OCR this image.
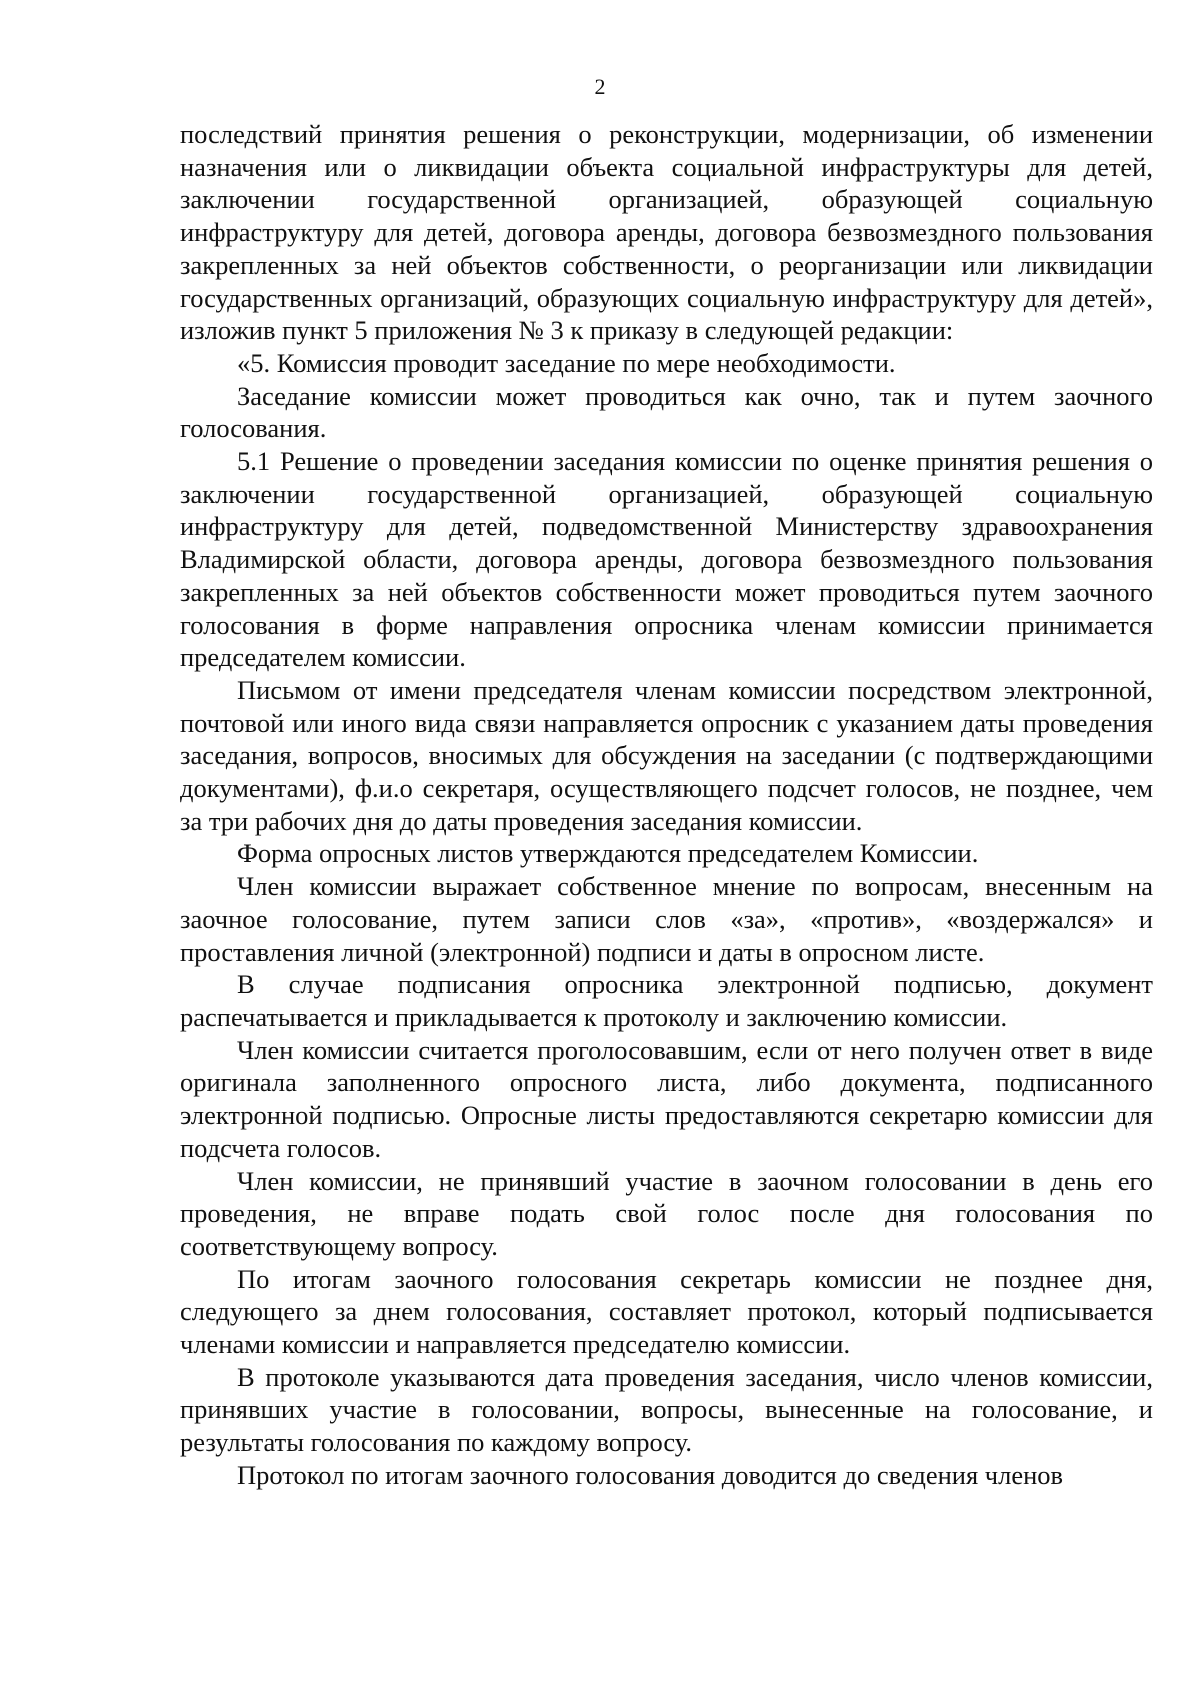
2

последствий принятия решения о реконструкции, модернизации, об изменении назначения или о ликвидации объекта социальной инфраструктуры для детей, заключении государственной организацией, образующей социальную инфраструктуру для детей, договора аренды, договора безвозмездного пользования закрепленных за ней объектов собственности, о реорганизации или ликвидации государственных организаций, образующих социальную инфраструктуру для детей», изложив пункт 5 приложения № 3 к приказу в следующей редакции:

«5. Комиссия проводит заседание по мере необходимости.

Заседание комиссии может проводиться как очно, так и путем заочного голосования.

5.1 Решение о проведении заседания комиссии по оценке принятия решения о заключении государственной организацией, образующей социальную инфраструктуру для детей, подведомственной Министерству здравоохранения Владимирской области, договора аренды, договора безвозмездного пользования закрепленных за ней объектов собственности может проводиться путем заочного голосования в форме направления опросника членам комиссии принимается председателем комиссии.

Письмом от имени председателя членам комиссии посредством электронной, почтовой или иного вида связи направляется опросник с указанием даты проведения заседания, вопросов, вносимых для обсуждения на заседании (с подтверждающими документами), ф.и.о секретаря, осуществляющего подсчет голосов, не позднее, чем за три рабочих дня до даты проведения заседания комиссии.

Форма опросных листов утверждаются председателем Комиссии.

Член комиссии выражает собственное мнение по вопросам, внесенным на заочное голосование, путем записи слов «за», «против», «воздержался» и проставления личной (электронной) подписи и даты в опросном листе.

В случае подписания опросника электронной подписью, документ распечатывается и прикладывается к протоколу и заключению комиссии.

Член комиссии считается проголосовавшим, если от него получен ответ в виде оригинала заполненного опросного листа, либо документа, подписанного электронной подписью. Опросные листы предоставляются секретарю комиссии для подсчета голосов.

Член комиссии, не принявший участие в заочном голосовании в день его проведения, не вправе подать свой голос после дня голосования по соответствующему вопросу.

По итогам заочного голосования секретарь комиссии не позднее дня, следующего за днем голосования, составляет протокол, который подписывается членами комиссии и направляется председателю комиссии.

В протоколе указываются дата проведения заседания, число членов комиссии, принявших участие в голосовании, вопросы, вынесенные на голосование, и результаты голосования по каждому вопросу.

Протокол по итогам заочного голосования доводится до сведения членов
